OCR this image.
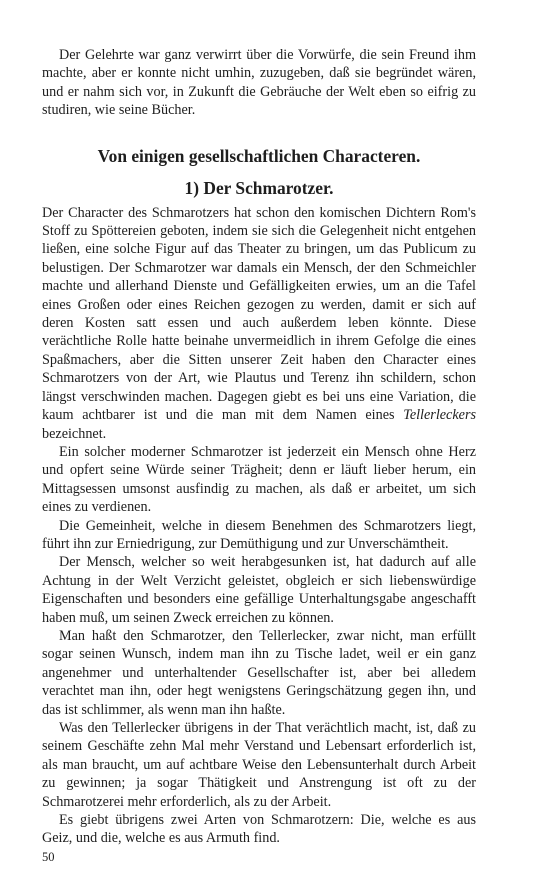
Der Gelehrte war ganz verwirrt über die Vorwürfe, die sein Freund ihm machte, aber er konnte nicht umhin, zuzugeben, daß sie begründet wären, und er nahm sich vor, in Zukunft die Gebräuche der Welt eben so eifrig zu studiren, wie seine Bücher.

Von einigen gesellschaftlichen Characteren.
1) Der Schmarotzer.

Der Character des Schmarotzers hat schon den komischen Dichtern Rom's Stoff zu Spöttereien geboten, indem sie sich die Gelegenheit nicht entgehen ließen, eine solche Figur auf das Theater zu bringen, um das Publicum zu belustigen. Der Schmarotzer war damals ein Mensch, der den Schmeichler machte und allerhand Dienste und Gefälligkeiten erwies, um an die Tafel eines Großen oder eines Reichen gezogen zu werden, damit er sich auf deren Kosten satt essen und auch außerdem leben könnte. Diese verächtliche Rolle hatte beinahe unvermeidlich in ihrem Gefolge die eines Spaßmachers, aber die Sitten unserer Zeit haben den Character eines Schmarotzers von der Art, wie Plautus und Terenz ihn schildern, schon längst verschwinden machen. Dagegen giebt es bei uns eine Variation, die kaum achtbarer ist und die man mit dem Namen eines Tellerleckers bezeichnet.

Ein solcher moderner Schmarotzer ist jederzeit ein Mensch ohne Herz und opfert seine Würde seiner Trägheit; denn er läuft lieber herum, ein Mittagsessen umsonst ausfindig zu machen, als daß er arbeitet, um sich eines zu verdienen.

Die Gemeinheit, welche in diesem Benehmen des Schmarotzers liegt, führt ihn zur Erniedrigung, zur Demüthigung und zur Unverschämtheit.

Der Mensch, welcher so weit herabgesunken ist, hat dadurch auf alle Achtung in der Welt Verzicht geleistet, obgleich er sich liebenswürdige Eigenschaften und besonders eine gefällige Unterhaltungsgabe angeschafft haben muß, um seinen Zweck erreichen zu können.

Man haßt den Schmarotzer, den Tellerlecker, zwar nicht, man erfüllt sogar seinen Wunsch, indem man ihn zu Tische ladet, weil er ein ganz angenehmer und unterhaltender Gesellschafter ist, aber bei alledem verachtet man ihn, oder hegt wenigstens Geringschätzung gegen ihn, und das ist schlimmer, als wenn man ihn haßte.

Was den Tellerlecker übrigens in der That verächtlich macht, ist, daß zu seinem Geschäfte zehn Mal mehr Verstand und Lebensart erforderlich ist, als man braucht, um auf achtbare Weise den Lebensunterhalt durch Arbeit zu gewinnen; ja sogar Thätigkeit und Anstrengung ist oft zu der Schmarotzerei mehr erforderlich, als zu der Arbeit.

Es giebt übrigens zwei Arten von Schmarotzern: Die, welche es aus Geiz, und die, welche es aus Armuth find.

50
